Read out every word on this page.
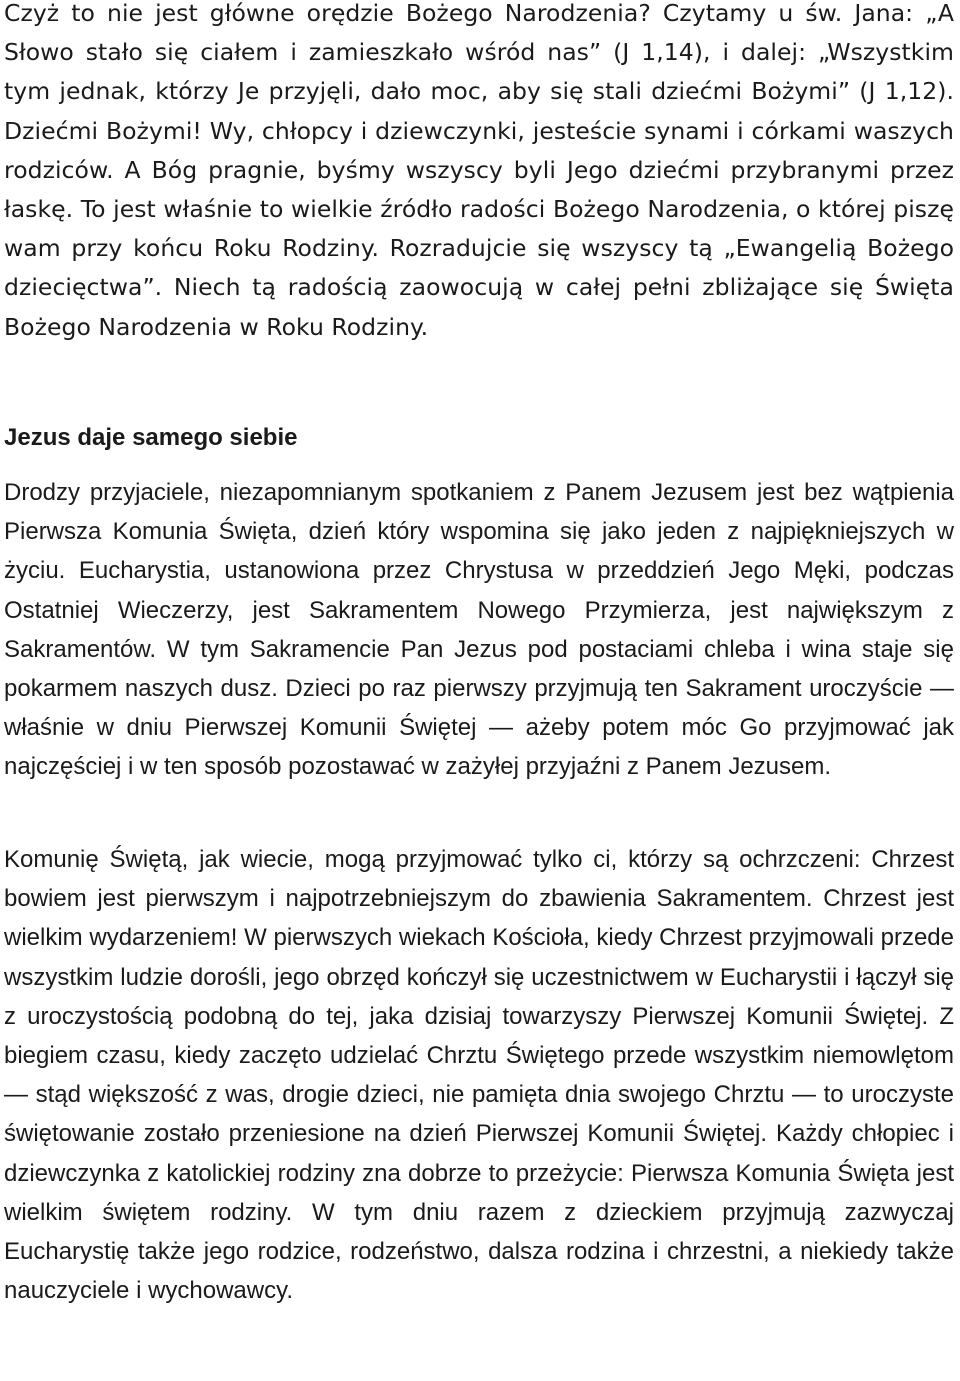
Czyż to nie jest główne orędzie Bożego Narodzenia? Czytamy u św. Jana: „A Słowo stało się ciałem i zamieszkało wśród nas” (J 1,14), i dalej: „Wszystkim tym jednak, którzy Je przyjęli, dało moc, aby się stali dziećmi Bożymi” (J 1,12). Dziećmi Bożymi! Wy, chłopcy i dziewczynki, jesteście synami i córkami waszych rodziców. A Bóg pragnie, byśmy wszyscy byli Jego dziećmi przybranymi przez łaskę. To jest właśnie to wielkie źródło radości Bożego Narodzenia, o której piszę wam przy końcu Roku Rodziny. Rozradujcie się wszyscy tą „Ewangelią Bożego dziecięctwa”. Niech tą radością zaowocują w całej pełni zbliżające się Święta Bożego Narodzenia w Roku Rodziny.

Jezus daje samego siebie

Drodzy przyjaciele, niezapomnianym spotkaniem z Panem Jezusem jest bez wątpienia Pierwsza Komunia Święta, dzień który wspomina się jako jeden z najpiękniejszych w życiu. Eucharystia, ustanowiona przez Chrystusa w przeddzień Jego Męki, podczas Ostatniej Wieczerzy, jest Sakramentem Nowego Przymierza, jest największym z Sakramentów. W tym Sakramencie Pan Jezus pod postaciami chleba i wina staje się pokarmem naszych dusz. Dzieci po raz pierwszy przyjmują ten Sakrament uroczyście — właśnie w dniu Pierwszej Komunii Świętej — ażeby potem móc Go przyjmować jak najczęściej i w ten sposób pozostawać w zażyłej przyjaźni z Panem Jezusem.

Komunię Świętą, jak wiecie, mogą przyjmować tylko ci, którzy są ochrzczeni: Chrzest bowiem jest pierwszym i najpotrzebniejszym do zbawienia Sakramentem. Chrzest jest wielkim wydarzeniem! W pierwszych wiekach Kościoła, kiedy Chrzest przyjmowali przede wszystkim ludzie dorośli, jego obrzęd kończył się uczestnictwem w Eucharystii i łączył się z uroczystością podobną do tej, jaka dzisiaj towarzyszy Pierwszej Komunii Świętej. Z biegiem czasu, kiedy zaczęto udzielać Chrztu Świętego przede wszystkim niemowlętom — stąd większość z was, drogie dzieci, nie pamięta dnia swojego Chrztu — to uroczyste świętowanie zostało przeniesione na dzień Pierwszej Komunii Świętej. Każdy chłopiec i dziewczynka z katolickiej rodziny zna dobrze to przeżycie: Pierwsza Komunia Święta jest wielkim świętem rodziny. W tym dniu razem z dzieckiem przyjmują zazwyczaj Eucharystię także jego rodzice, rodzeństwo, dalsza rodzina i chrzestni, a niekiedy także nauczyciele i wychowawcy.
